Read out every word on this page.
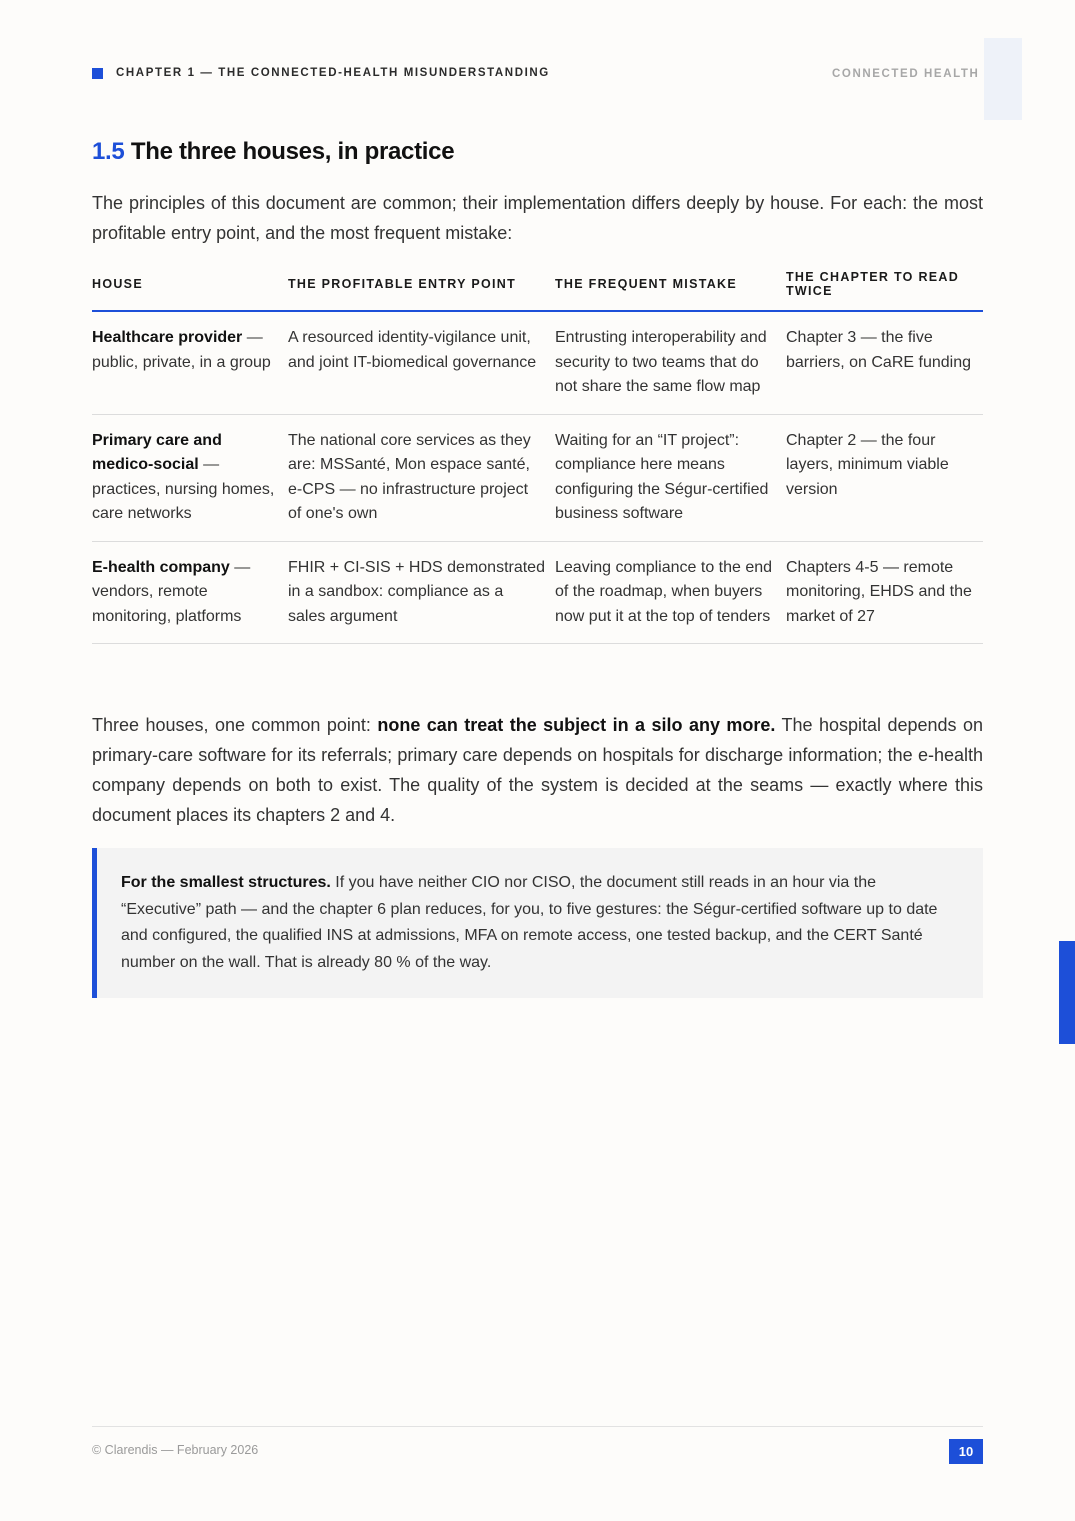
CHAPTER 1 — THE CONNECTED-HEALTH MISUNDERSTANDING	CONNECTED HEALTH
1.5 The three houses, in practice
The principles of this document are common; their implementation differs deeply by house. For each: the most profitable entry point, and the most frequent mistake:
HOUSE	THE PROFITABLE ENTRY POINT	THE FREQUENT MISTAKE	THE CHAPTER TO READ TWICE
Healthcare provider — public, private, in a group	A resourced identity-vigilance unit, and joint IT-biomedical governance	Entrusting interoperability and security to two teams that do not share the same flow map	Chapter 3 — the five barriers, on CaRE funding
Primary care and medico-social — practices, nursing homes, care networks	The national core services as they are: MSSanté, Mon espace santé, e-CPS — no infrastructure project of one's own	Waiting for an “IT project”: compliance here means configuring the Ségur-certified business software	Chapter 2 — the four layers, minimum viable version
E-health company — vendors, remote monitoring, platforms	FHIR + CI-SIS + HDS demonstrated in a sandbox: compliance as a sales argument	Leaving compliance to the end of the roadmap, when buyers now put it at the top of tenders	Chapters 4-5 — remote monitoring, EHDS and the market of 27
Three houses, one common point: none can treat the subject in a silo any more. The hospital depends on primary-care software for its referrals; primary care depends on hospitals for discharge information; the e-health company depends on both to exist. The quality of the system is decided at the seams — exactly where this document places its chapters 2 and 4.
For the smallest structures. If you have neither CIO nor CISO, the document still reads in an hour via the “Executive” path — and the chapter 6 plan reduces, for you, to five gestures: the Ségur-certified software up to date and configured, the qualified INS at admissions, MFA on remote access, one tested backup, and the CERT Santé number on the wall. That is already 80 % of the way.
© Clarendis — February 2026	10
